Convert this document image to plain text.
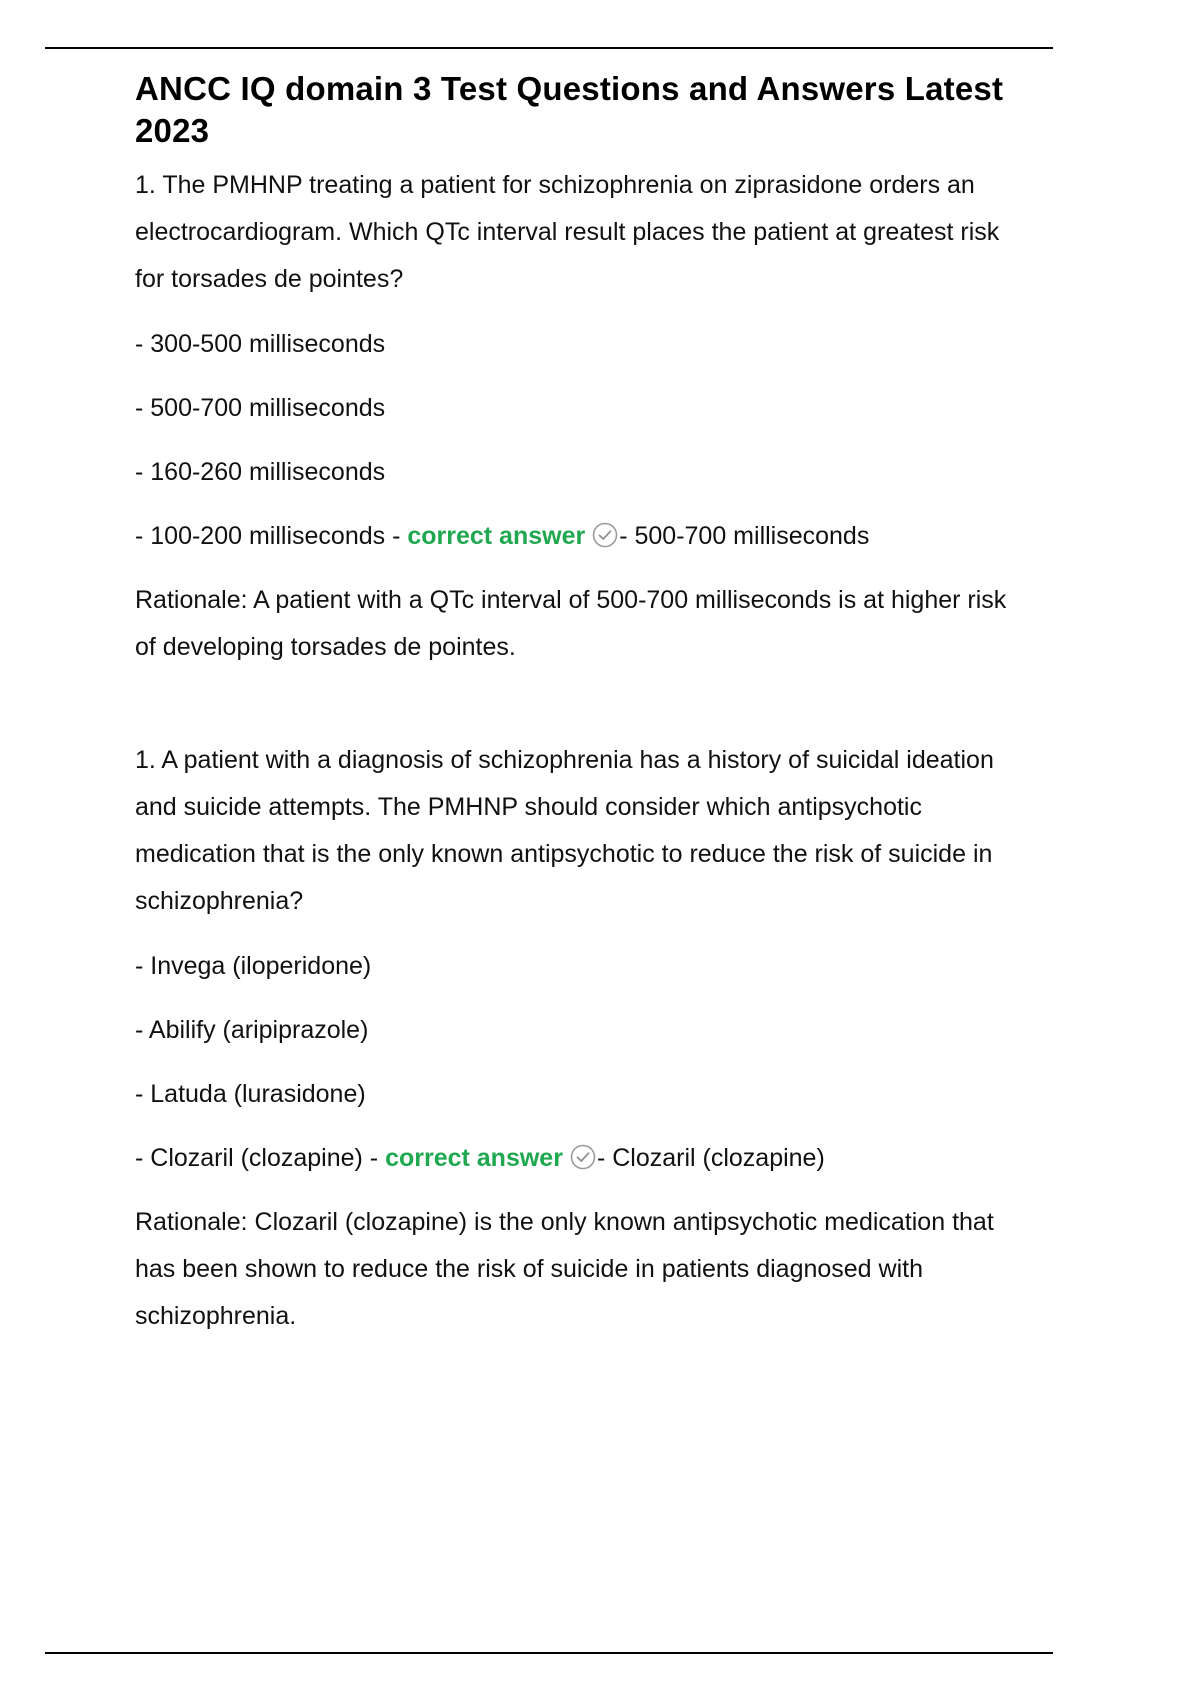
ANCC IQ domain 3 Test Questions and Answers Latest 2023

1. The PMHNP treating a patient for schizophrenia on ziprasidone orders an electrocardiogram. Which QTc interval result places the patient at greatest risk for torsades de pointes?

- 300-500 milliseconds

- 500-700 milliseconds

- 160-260 milliseconds

- 100-200 milliseconds - correct answer - 500-700 milliseconds

Rationale: A patient with a QTc interval of 500-700 milliseconds is at higher risk of developing torsades de pointes.

1. A patient with a diagnosis of schizophrenia has a history of suicidal ideation and suicide attempts. The PMHNP should consider which antipsychotic medication that is the only known antipsychotic to reduce the risk of suicide in schizophrenia?

- Invega (iloperidone)

- Abilify (aripiprazole)

- Latuda (lurasidone)

- Clozaril (clozapine) - correct answer - Clozaril (clozapine)

Rationale: Clozaril (clozapine) is the only known antipsychotic medication that has been shown to reduce the risk of suicide in patients diagnosed with schizophrenia.
